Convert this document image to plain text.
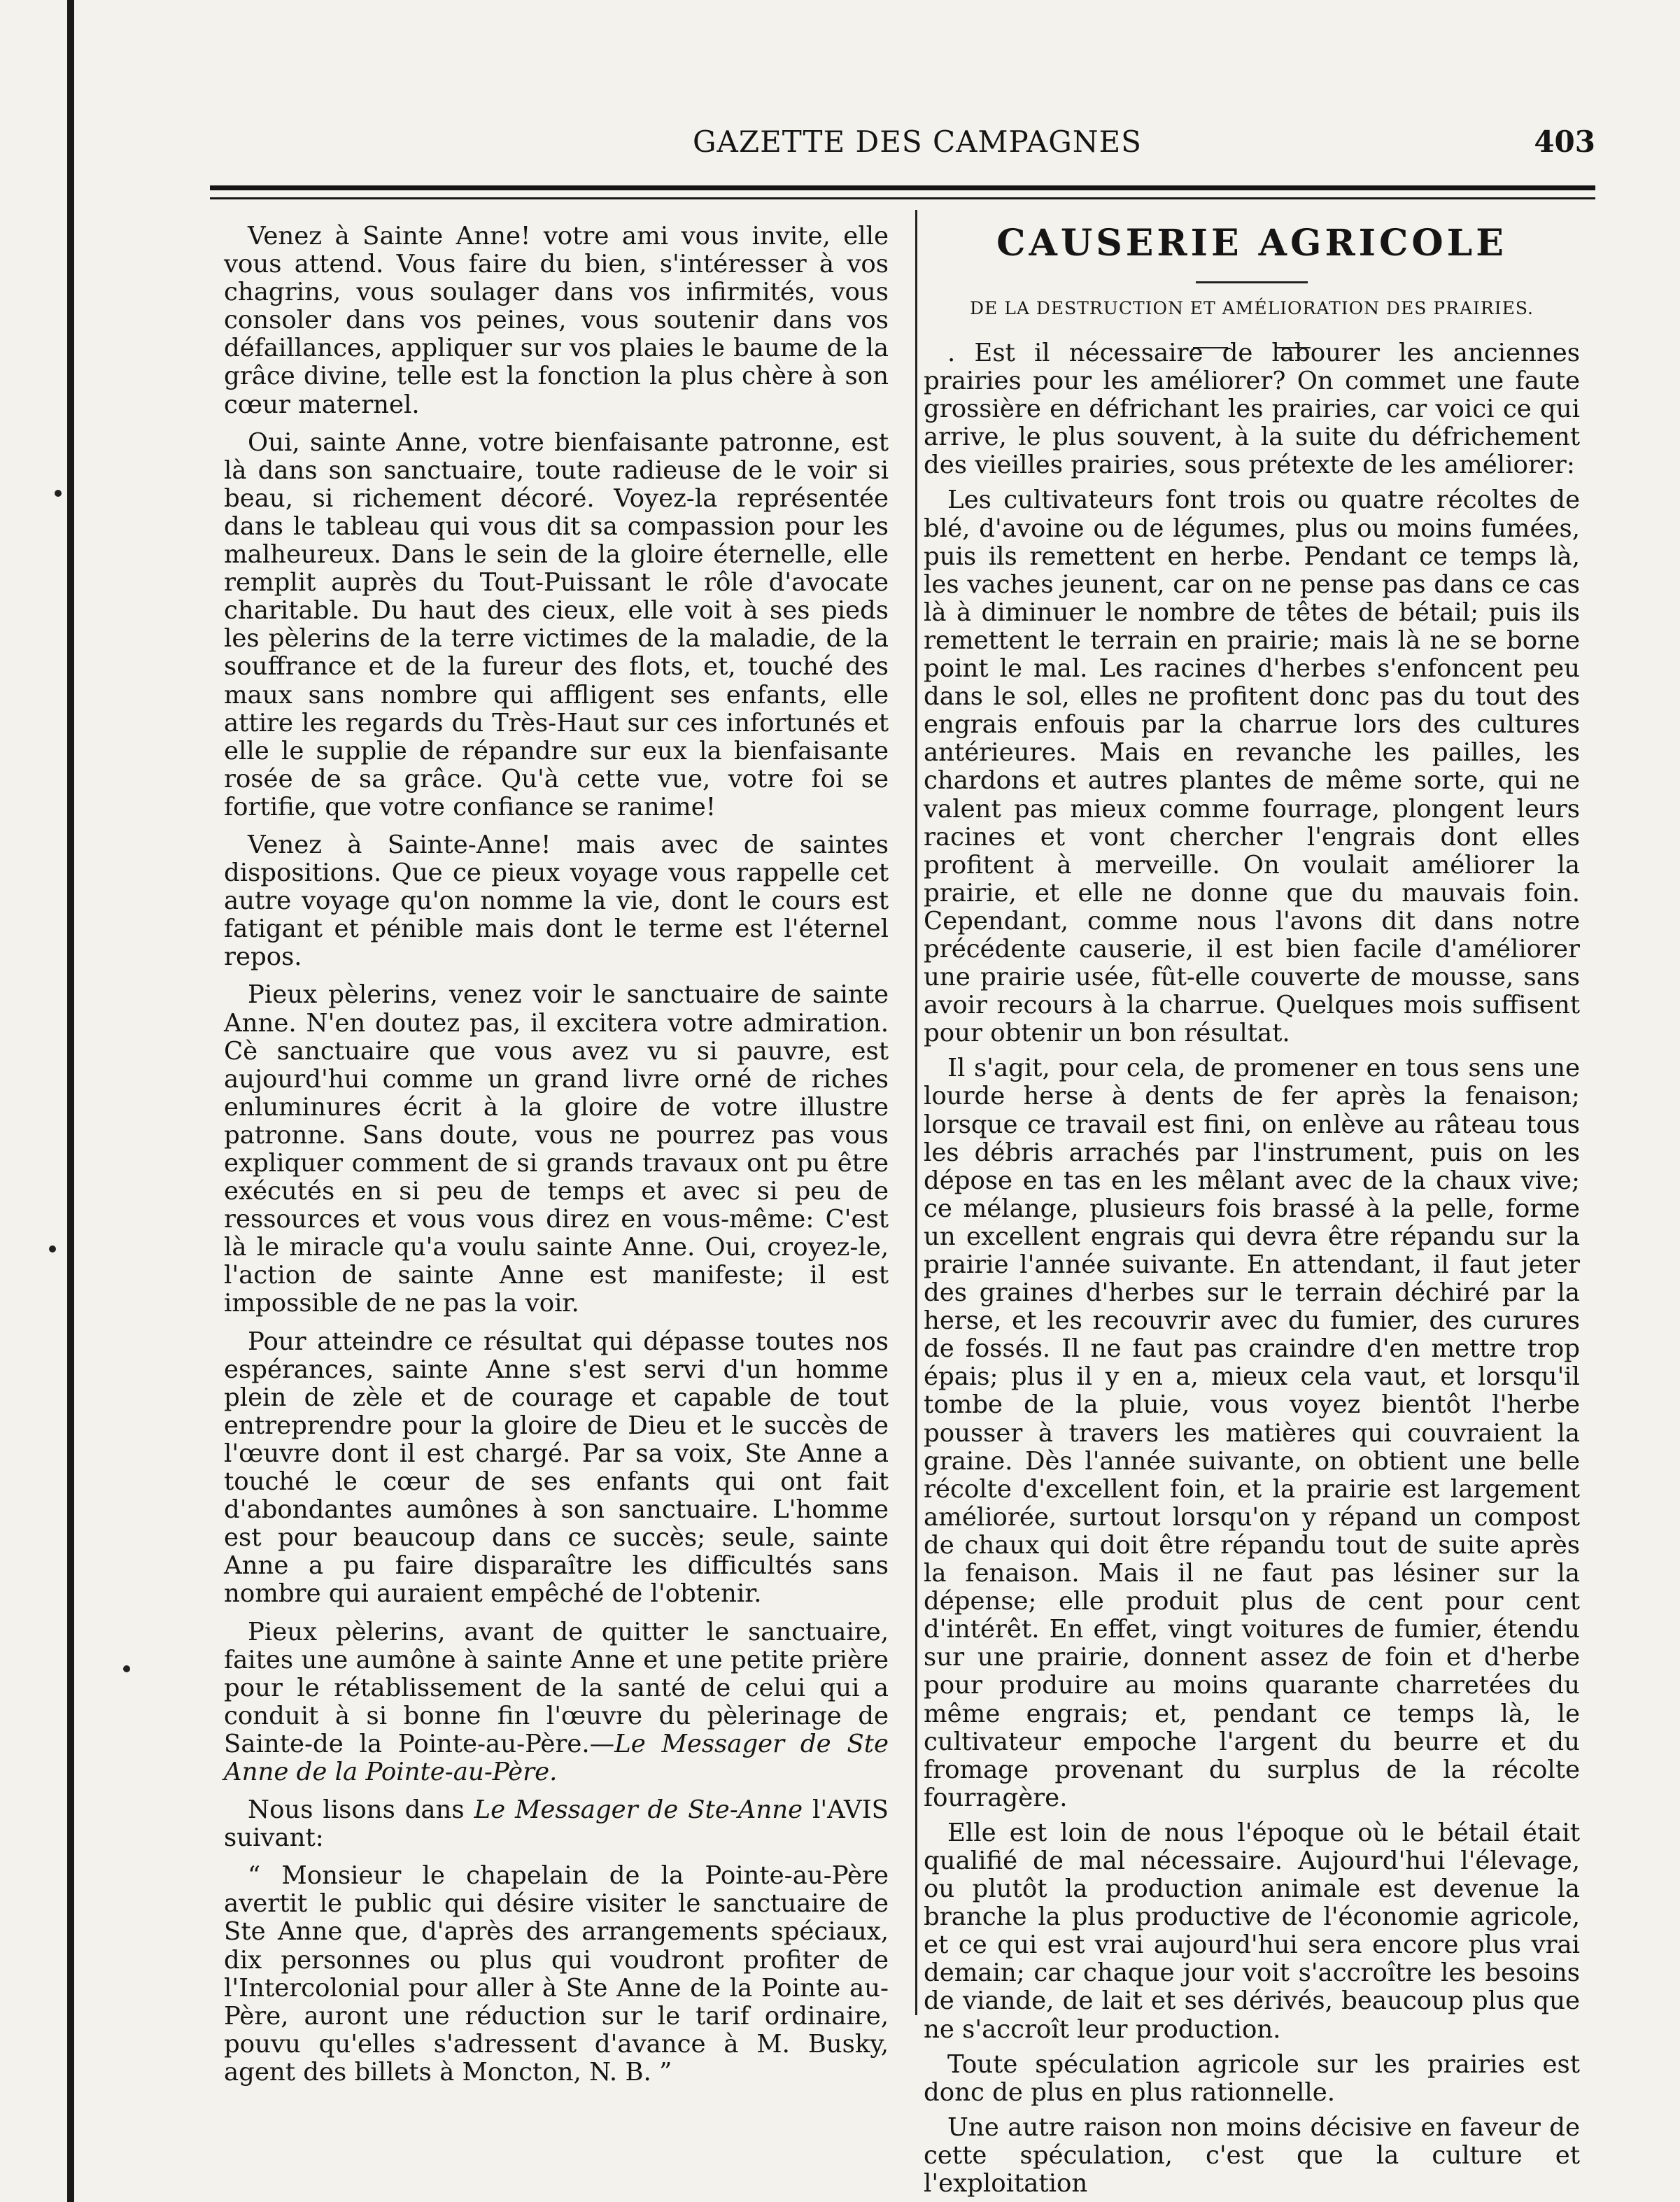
GAZETTE DES CAMPAGNES	403

Venez à Sainte Anne! votre ami vous invite, elle vous attend. Vous faire du bien, s'intéresser à vos chagrins, vous soulager dans vos infirmités, vous consoler dans vos peines, vous soutenir dans vos défaillances, appliquer sur vos plaies le baume de la grâce divine, telle est la fonction la plus chère à son cœur maternel.

Oui, sainte Anne, votre bienfaisante patronne, est là dans son sanctuaire, toute radieuse de le voir si beau, si richement décoré. Voyez-la représentée dans le tableau qui vous dit sa compassion pour les malheureux. Dans le sein de la gloire éternelle, elle remplit auprès du Tout-Puissant le rôle d'avocate charitable. Du haut des cieux, elle voit à ses pieds les pèlerins de la terre victimes de la maladie, de la souffrance et de la fureur des flots, et, touché des maux sans nombre qui affligent ses enfants, elle attire les regards du Très-Haut sur ces infortunés et elle le supplie de répandre sur eux la bienfaisante rosée de sa grâce. Qu'à cette vue, votre foi se fortifie, que votre confiance se ranime!

Venez à Sainte-Anne! mais avec de saintes dispositions. Que ce pieux voyage vous rappelle cet autre voyage qu'on nomme la vie, dont le cours est fatigant et pénible mais dont le terme est l'éternel repos.

Pieux pèlerins, venez voir le sanctuaire de sainte Anne. N'en doutez pas, il excitera votre admiration. Cè sanctuaire que vous avez vu si pauvre, est aujourd'hui comme un grand livre orné de riches enluminures écrit à la gloire de votre illustre patronne. Sans doute, vous ne pourrez pas vous expliquer comment de si grands travaux ont pu être exécutés en si peu de temps et avec si peu de ressources et vous vous direz en vous-même: C'est là le miracle qu'a voulu sainte Anne. Oui, croyez-le, l'action de sainte Anne est manifeste; il est impossible de ne pas la voir.

Pour atteindre ce résultat qui dépasse toutes nos espérances, sainte Anne s'est servi d'un homme plein de zèle et de courage et capable de tout entreprendre pour la gloire de Dieu et le succès de l'œuvre dont il est chargé. Par sa voix, Ste Anne a touché le cœur de ses enfants qui ont fait d'abondantes aumônes à son sanctuaire. L'homme est pour beaucoup dans ce succès; seule, sainte Anne a pu faire disparaître les difficultés sans nombre qui auraient empêché de l'obtenir.

Pieux pèlerins, avant de quitter le sanctuaire, faites une aumône à sainte Anne et une petite prière pour le rétablissement de la santé de celui qui a conduit à si bonne fin l'œuvre du pèlerinage de Sainte-de la Pointe-au-Père.—Le Messager de Ste Anne de la Pointe-au-Père.

Nous lisons dans Le Messager de Ste-Anne l'AVIS suivant:

“ Monsieur le chapelain de la Pointe-au-Père avertit le public qui désire visiter le sanctuaire de Ste Anne que, d'après des arrangements spéciaux, dix personnes ou plus qui voudront profiter de l'Intercolonial pour aller à Ste Anne de la Pointe au-Père, auront une réduction sur le tarif ordinaire, pouvu qu'elles s'adressent d'avance à M. Busky, agent des billets à Moncton, N. B. ”

CAUSERIE AGRICOLE
DE LA DESTRUCTION ET AMÉLIORATION DES PRAIRIES.

. Est il nécessaire de labourer les anciennes prairies pour les améliorer? On commet une faute grossière en défrichant les prairies, car voici ce qui arrive, le plus souvent, à la suite du défrichement des vieilles prairies, sous prétexte de les améliorer:

Les cultivateurs font trois ou quatre récoltes de blé, d'avoine ou de légumes, plus ou moins fumées, puis ils remettent en herbe. Pendant ce temps là, les vaches jeunent, car on ne pense pas dans ce cas là à diminuer le nombre de têtes de bétail; puis ils remettent le terrain en prairie; mais là ne se borne point le mal. Les racines d'herbes s'enfoncent peu dans le sol, elles ne profitent donc pas du tout des engrais enfouis par la charrue lors des cultures antérieures. Mais en revanche les pailles, les chardons et autres plantes de même sorte, qui ne valent pas mieux comme fourrage, plongent leurs racines et vont chercher l'engrais dont elles profitent à merveille. On voulait améliorer la prairie, et elle ne donne que du mauvais foin. Cependant, comme nous l'avons dit dans notre précédente causerie, il est bien facile d'améliorer une prairie usée, fût-elle couverte de mousse, sans avoir recours à la charrue. Quelques mois suffisent pour obtenir un bon résultat.

Il s'agit, pour cela, de promener en tous sens une lourde herse à dents de fer après la fenaison; lorsque ce travail est fini, on enlève au râteau tous les débris arrachés par l'instrument, puis on les dépose en tas en les mêlant avec de la chaux vive; ce mélange, plusieurs fois brassé à la pelle, forme un excellent engrais qui devra être répandu sur la prairie l'année suivante. En attendant, il faut jeter des graines d'herbes sur le terrain déchiré par la herse, et les recouvrir avec du fumier, des curures de fossés. Il ne faut pas craindre d'en mettre trop épais; plus il y en a, mieux cela vaut, et lorsqu'il tombe de la pluie, vous voyez bientôt l'herbe pousser à travers les matières qui couvraient la graine. Dès l'année suivante, on obtient une belle récolte d'excellent foin, et la prairie est largement améliorée, surtout lorsqu'on y répand un compost de chaux qui doit être répandu tout de suite après la fenaison. Mais il ne faut pas lésiner sur la dépense; elle produit plus de cent pour cent d'intérêt. En effet, vingt voitures de fumier, étendu sur une prairie, donnent assez de foin et d'herbe pour produire au moins quarante charretées du même engrais; et, pendant ce temps là, le cultivateur empoche l'argent du beurre et du fromage provenant du surplus de la récolte fourragère.

Elle est loin de nous l'époque où le bétail était qualifié de mal nécessaire. Aujourd'hui l'élevage, ou plutôt la production animale est devenue la branche la plus productive de l'économie agricole, et ce qui est vrai aujourd'hui sera encore plus vrai demain; car chaque jour voit s'accroître les besoins de viande, de lait et ses dérivés, beaucoup plus que ne s'accroît leur production.

Toute spéculation agricole sur les prairies est donc de plus en plus rationnelle.

Une autre raison non moins décisive en faveur de cette spéculation, c'est que la culture et l'exploitation
